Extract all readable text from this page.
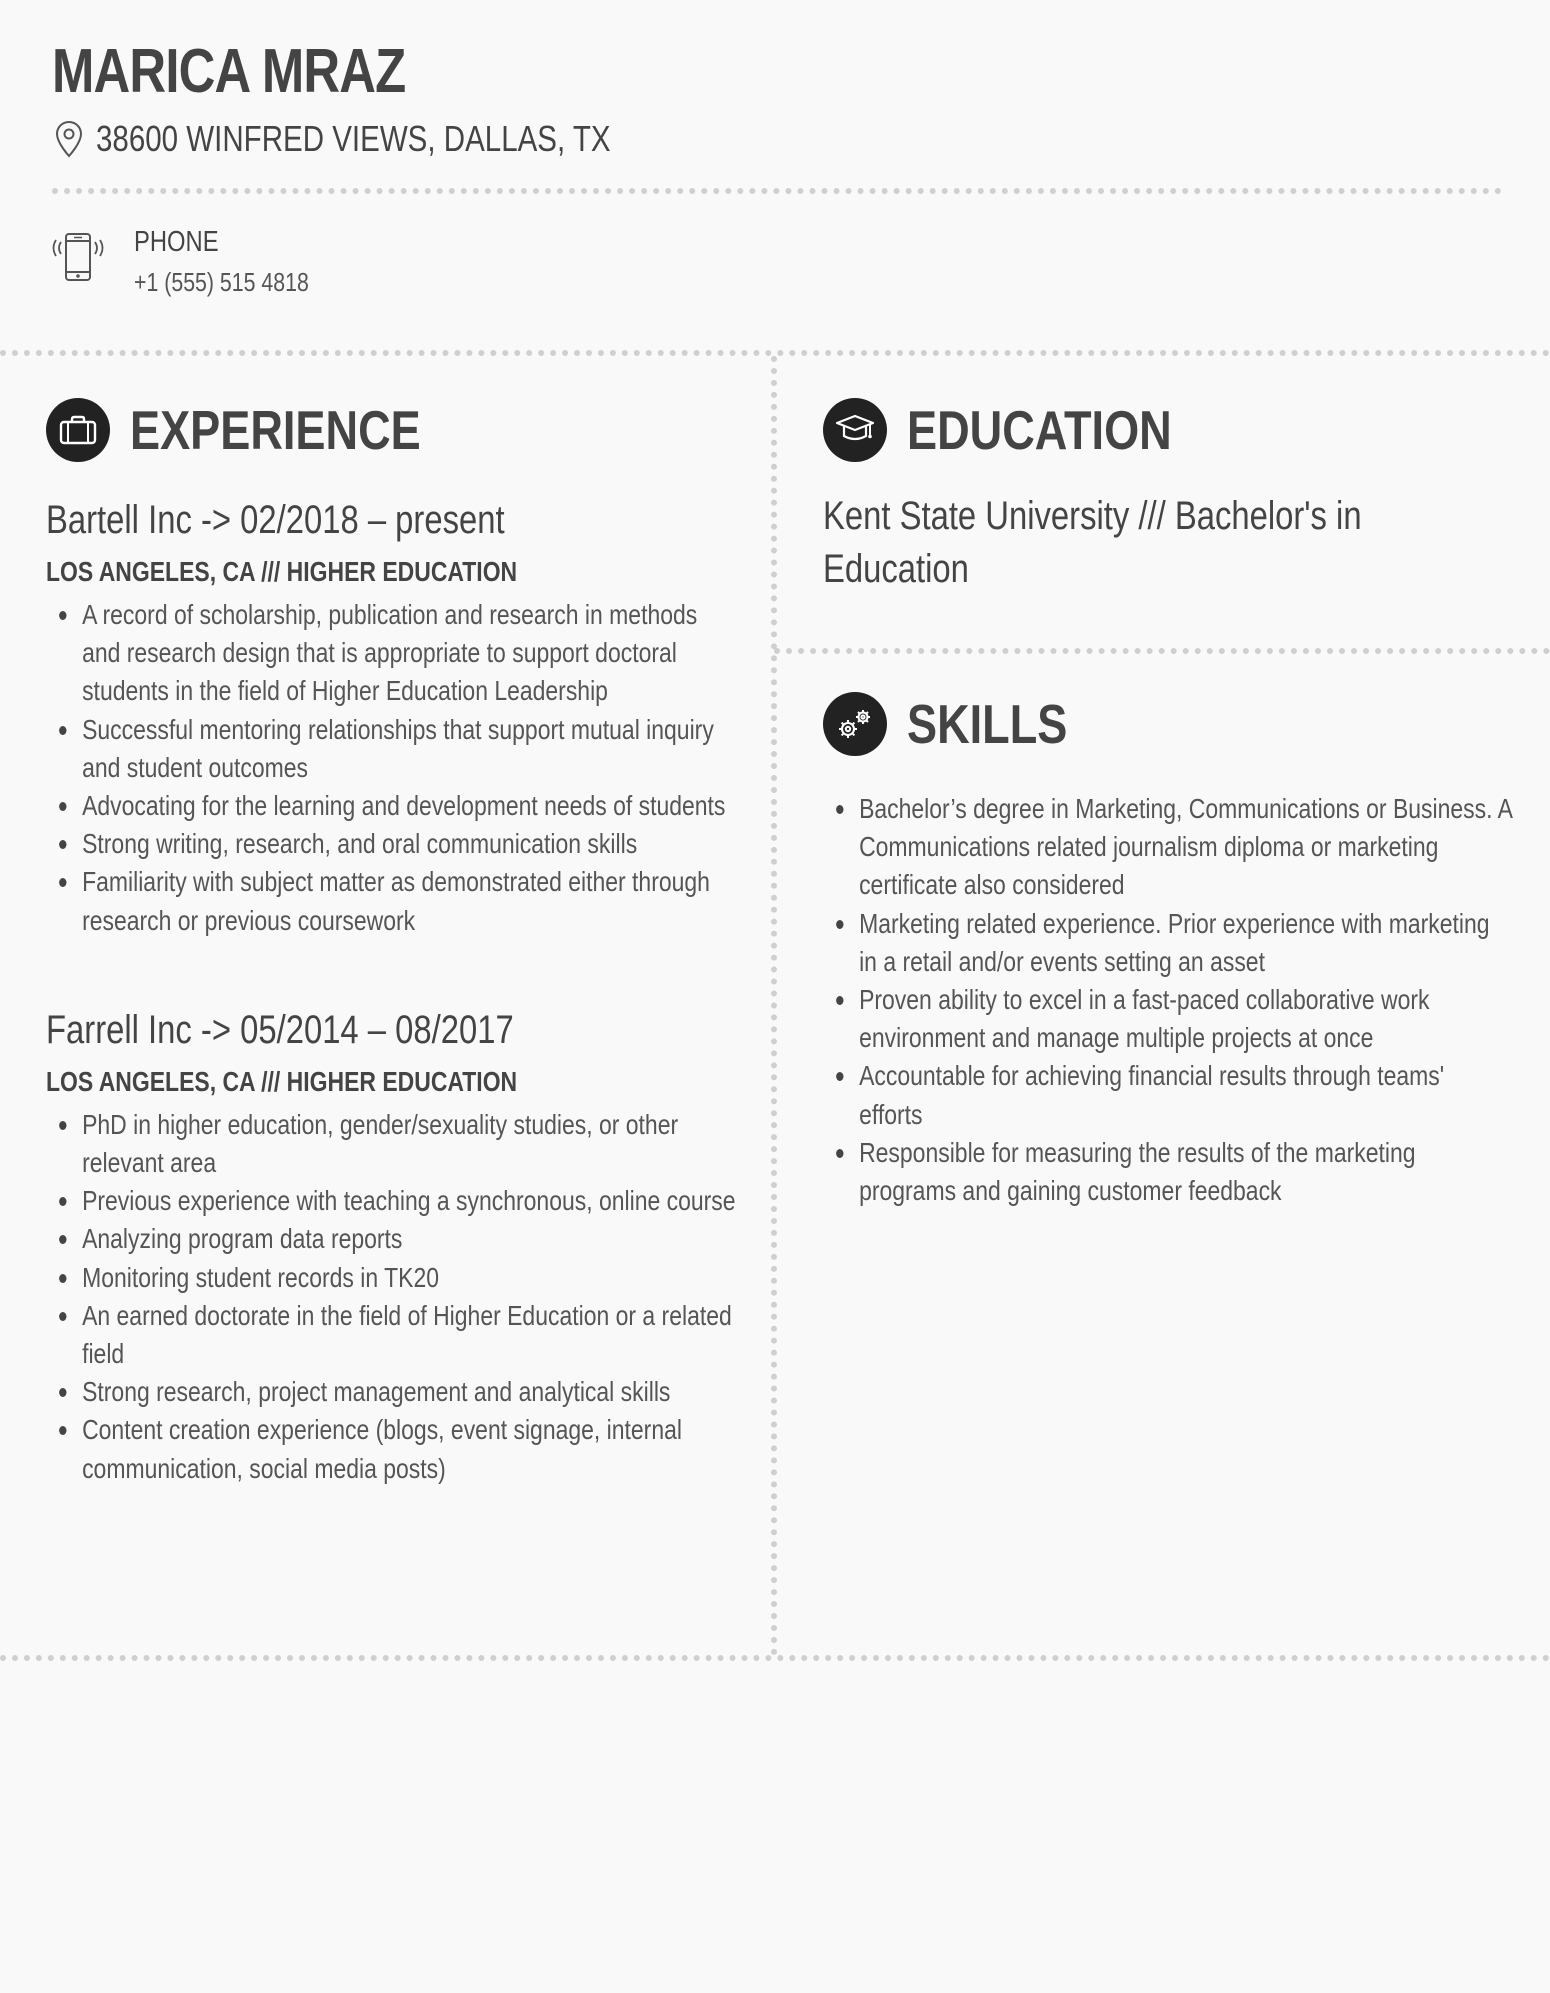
MARICA MRAZ
38600 WINFRED VIEWS, DALLAS, TX
PHONE
+1 (555) 515 4818
EXPERIENCE
Bartell Inc -> 02/2018 – present
LOS ANGELES, CA /// HIGHER EDUCATION
A record of scholarship, publication and research in methods and research design that is appropriate to support doctoral students in the field of Higher Education Leadership
Successful mentoring relationships that support mutual inquiry and student outcomes
Advocating for the learning and development needs of students
Strong writing, research, and oral communication skills
Familiarity with subject matter as demonstrated either through research or previous coursework
Farrell Inc -> 05/2014 – 08/2017
LOS ANGELES, CA /// HIGHER EDUCATION
PhD in higher education, gender/sexuality studies, or other relevant area
Previous experience with teaching a synchronous, online course
Analyzing program data reports
Monitoring student records in TK20
An earned doctorate in the field of Higher Education or a related field
Strong research, project management and analytical skills
Content creation experience (blogs, event signage, internal communication, social media posts)
EDUCATION

Kent State University /// Bachelor's in Education

SKILLS
Bachelor’s degree in Marketing, Communications or Business. A Communications related journalism diploma or marketing certificate also considered
Marketing related experience. Prior experience with marketing in a retail and/or events setting an asset
Proven ability to excel in a fast-paced collaborative work environment and manage multiple projects at once
Accountable for achieving financial results through teams' efforts
Responsible for measuring the results of the marketing programs and gaining customer feedback
